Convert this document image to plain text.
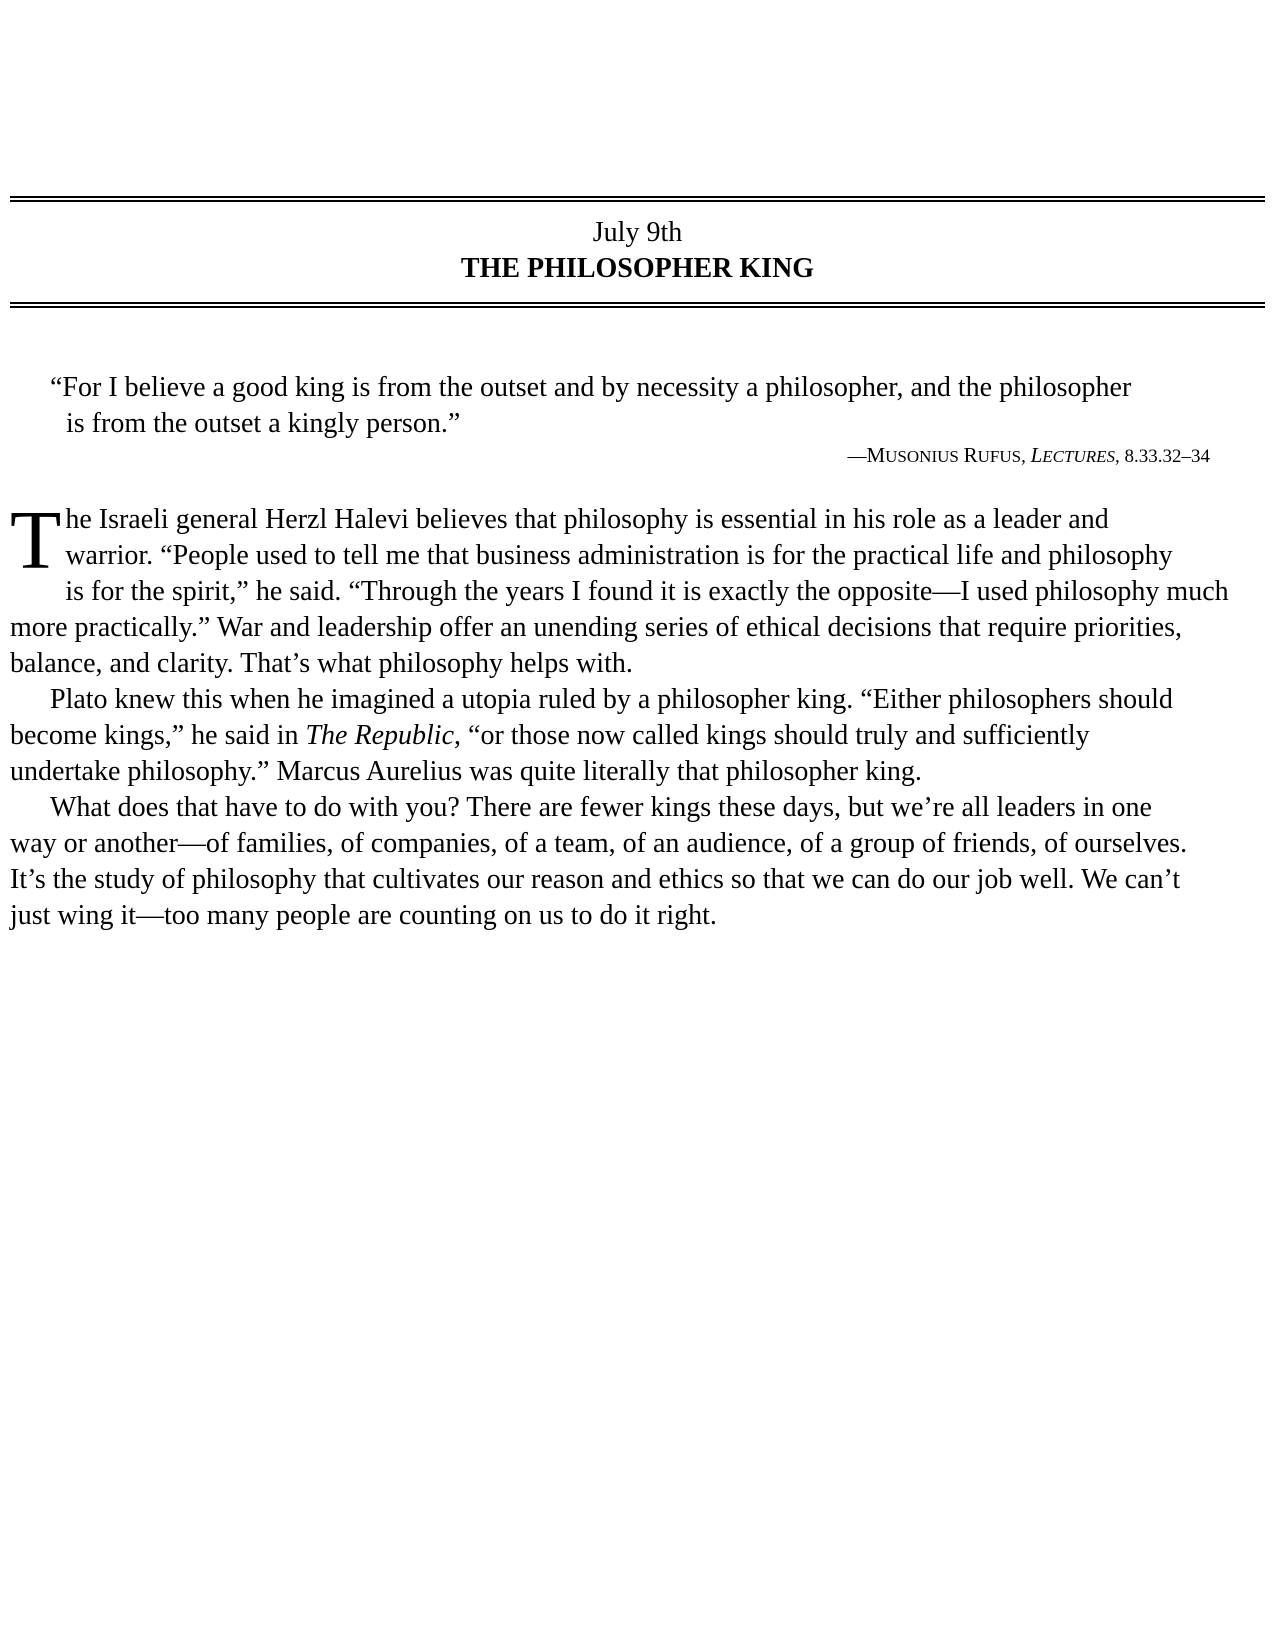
July 9th
THE PHILOSOPHER KING
“For I believe a good king is from the outset and by necessity a philosopher, and the philosopher
is from the outset a kingly person.”
—MUSONIUS RUFUS, LECTURES, 8.33.32–34

T he Israeli general Herzl Halevi believes that philosophy is essential in his role as a leader and
warrior. “People used to tell me that business administration is for the practical life and philosophy
is for the spirit,” he said. “Through the years I found it is exactly the opposite—I used philosophy much
more practically.” War and leadership offer an unending series of ethical decisions that require priorities,
balance, and clarity. That’s what philosophy helps with.

Plato knew this when he imagined a utopia ruled by a philosopher king. “Either philosophers should
become kings,” he said in The Republic, “or those now called kings should truly and sufficiently
undertake philosophy.” Marcus Aurelius was quite literally that philosopher king.

What does that have to do with you? There are fewer kings these days, but we’re all leaders in one
way or another—of families, of companies, of a team, of an audience, of a group of friends, of ourselves.
It’s the study of philosophy that cultivates our reason and ethics so that we can do our job well. We can’t
just wing it—too many people are counting on us to do it right.
